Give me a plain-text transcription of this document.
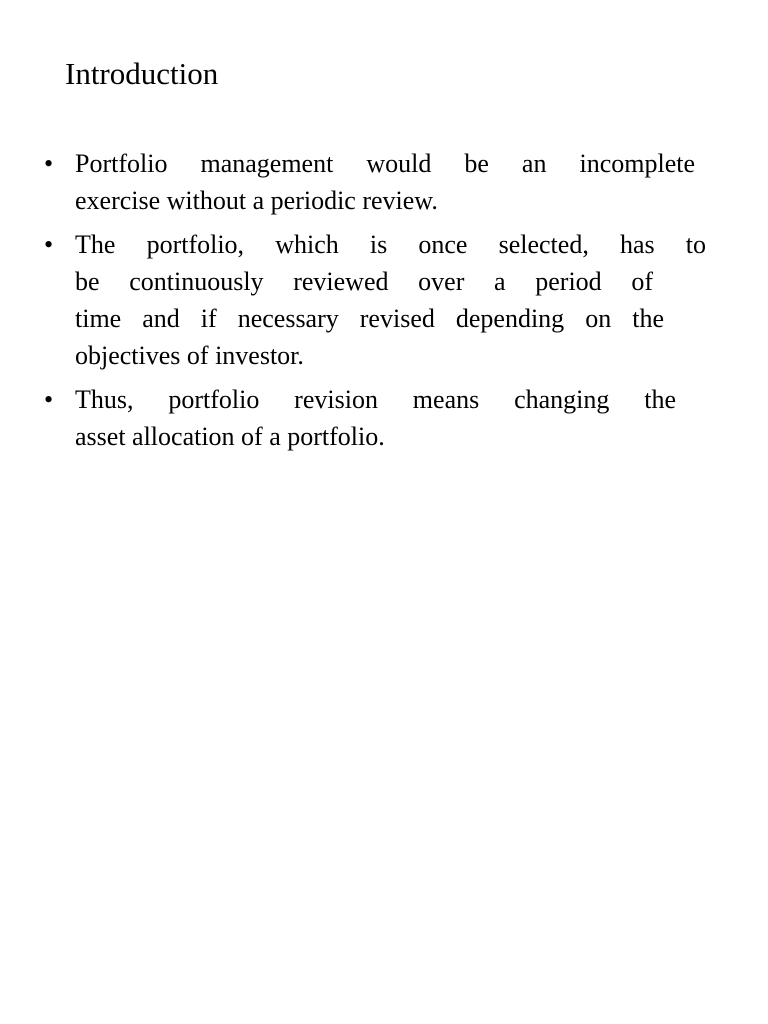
Introduction
• Portfolio management would be an incomplete
exercise without a periodic review.
• The portfolio, which is once selected, has to
be continuously reviewed over a period of
time and if necessary revised depending on the
objectives of investor.
• Thus, portfolio revision means changing the
asset allocation of a portfolio.
